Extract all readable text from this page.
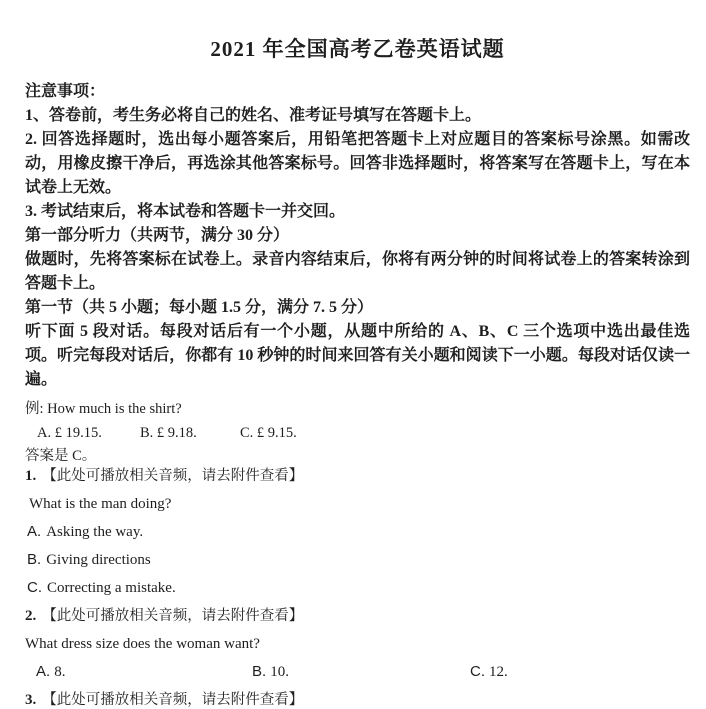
2021 年全国高考乙卷英语试题

注意事项：

1、答卷前，考生务必将自己的姓名、准考证号填写在答题卡上。

2. 回答选择题时，选出每小题答案后，用铅笔把答题卡上对应题目的答案标号涂黑。如需改动，用橡皮擦干净后，再选涂其他答案标号。回答非选择题时，将答案写在答题卡上，写在本试卷上无效。

3. 考试结束后，将本试卷和答题卡一并交回。

第一部分听力（共两节，满分 30 分）

做题时，先将答案标在试卷上。录音内容结束后，你将有两分钟的时间将试卷上的答案转涂到答题卡上。

第一节（共 5 小题；每小题 1.5 分，满分 7. 5 分）

听下面 5 段对话。每段对话后有一个小题，从题中所给的 A、B、C 三个选项中选出最佳选项。听完每段对话后，你都有 10 秒钟的时间来回答有关小题和阅读下一小题。每段对话仅读一遍。

例: How much is the shirt?

A. £ 19.15.	B. £ 9.18.	C. £ 9.15.

答案是 C。

1. 【此处可播放相关音频，请去附件查看】

What is the man doing?

A. Asking the way.

B. Giving directions

C. Correcting a mistake.

2. 【此处可播放相关音频，请去附件查看】

What dress size does the woman want?

A. 8.	B. 10.	C. 12.

3. 【此处可播放相关音频，请去附件查看】
